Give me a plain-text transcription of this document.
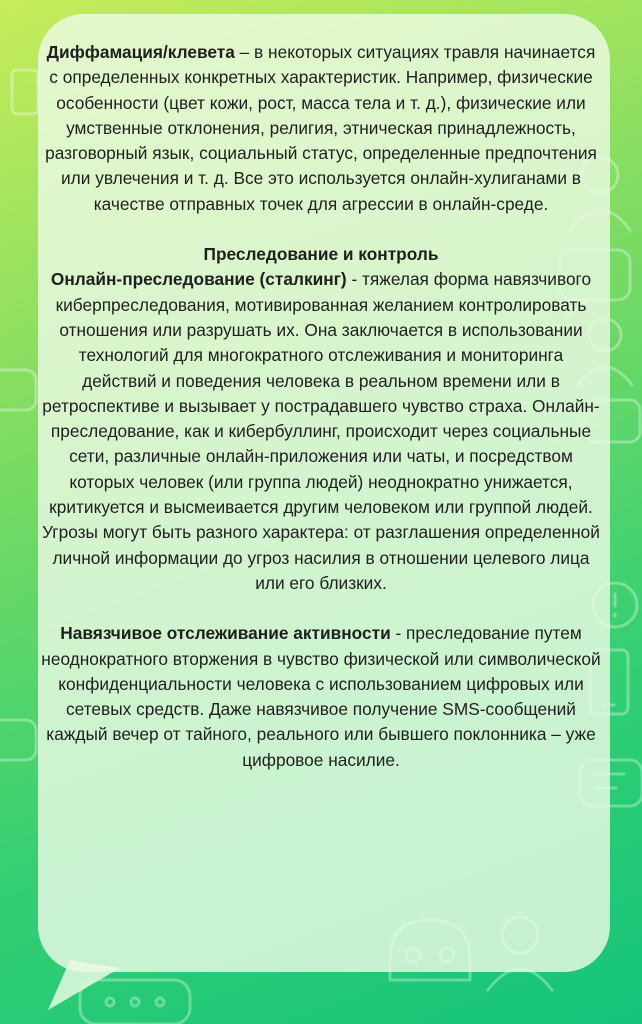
Диффамация/клевета – в некоторых ситуациях травля начинается с определенных конкретных характеристик. Например, физические особенности (цвет кожи, рост, масса тела и т. д.), физические или умственные отклонения, религия, этническая принадлежность, разговорный язык, социальный статус, определенные предпочтения или увлечения и т. д. Все это используется онлайн-хулиганами в качестве отправных точек для агрессии в онлайн-среде.

Преследование и контроль

Онлайн-преследование (сталкинг) - тяжелая форма навязчивого киберпреследования, мотивированная желанием контролировать отношения или разрушать их. Она заключается в использовании технологий для многократного отслеживания и мониторинга действий и поведения человека в реальном времени или в ретроспективе и вызывает у пострадавшего чувство страха. Онлайн-преследование, как и кибербуллинг, происходит через социальные сети, различные онлайн-приложения или чаты, и посредством которых человек (или группа людей) неоднократно унижается, критикуется и высмеивается другим человеком или группой людей. Угрозы могут быть разного характера: от разглашения определенной личной информации до угроз насилия в отношении целевого лица или его близких.

Навязчивое отслеживание активности - преследование путем неоднократного вторжения в чувство физической или символической конфиденциальности человека с использованием цифровых или сетевых средств. Даже навязчивое получение SMS-сообщений каждый вечер от тайного, реального или бывшего поклонника – уже цифровое насилие.
